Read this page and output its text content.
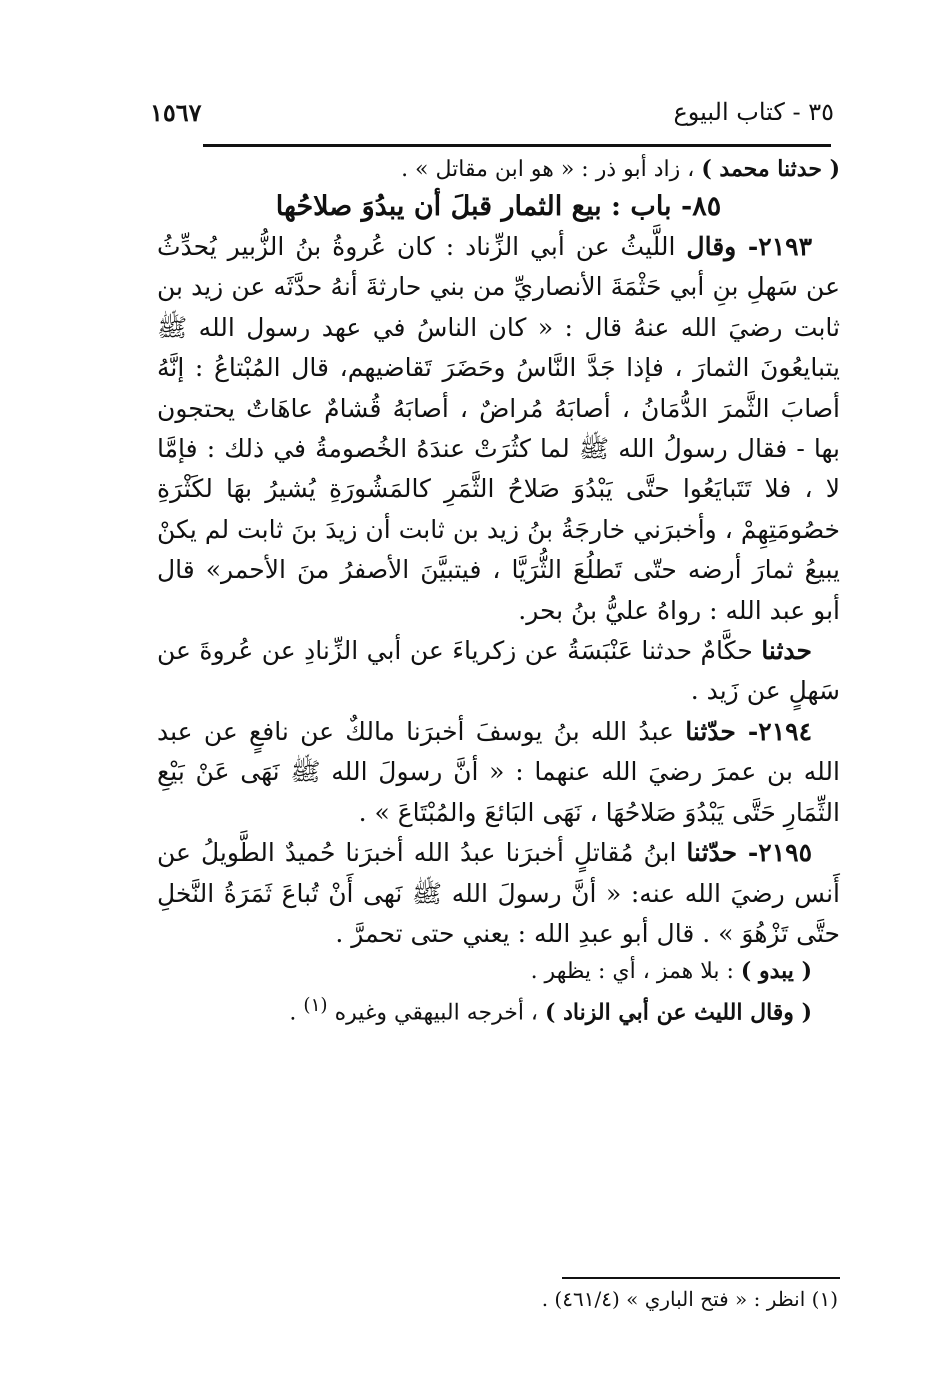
٣٥ - كتاب البيوع
١٥٦٧

( حدثنا محمد ) ، زاد أبو ذر : « هو ابن مقاتل » .

٨٥- باب : بيع الثمار قبلَ أن يبدُوَ صلاحُها

٢١٩٣- وقال اللَّيثُ عن أبي الزِّناد : كان عُروةُ بنُ الزُّبير يُحدِّثُ عن سَهلِ بنِ أبي حَثْمَةَ الأنصاريِّ من بني حارثةَ أنهُ حدَّثَه عن زيد بن ثابت رضيَ الله عنهُ قال : « كان الناسُ في عهد رسول الله ﷺ يتبايعُونَ الثمارَ ، فإذا جَدَّ النَّاسُ وحَضَرَ تَقاضيهم، قال المُبْتاعُ : إنَّهُ أصابَ الثَّمرَ الدُّمَانُ ، أصابَهُ مُراضٌ ، أصابَهُ قُشامٌ عاهَاتٌ يحتجون بها - فقال رسولُ الله ﷺ لما كثُرَتْ عندَهُ الخُصومةُ في ذلك : فإمَّا لا ، فلا تَتَبايَعُوا حتَّى يَبْدُوَ صَلاحُ الثَّمَرِ كالمَشُورَةِ يُشيرُ بهَا لكَثْرَةِ خصُومَتِهِمْ ، وأخبرَني خارجَةُ بنُ زيد بن ثابت أن زيدَ بنَ ثابت لم يكنْ يبيعُ ثمارَ أرضه حتّى تَطلُعَ الثُّرَيَّا ، فيتبيَّنَ الأصفرُ منَ الأحمر» قال أبو عبد الله : رواهُ عليُّ بنُ بحر.

حدثنا حكَّامٌ حدثنا عَنْبَسَةُ عن زكرياءَ عن أبي الزِّنادِ عن عُروةَ عن سَهلٍ عن زَيد .

٢١٩٤- حدّثنا عبدُ الله بنُ يوسفَ أخبرَنا مالكٌ عن نافعٍ عن عبد الله بن عمرَ رضيَ الله عنهما : « أنَّ رسولَ الله ﷺ نَهَى عَنْ بَيْعِ الثِّمَارِ حَتَّى يَبْدُوَ صَلاحُهَا ، نَهَى البَائعَ والمُبْتَاعَ » .

٢١٩٥- حدّثنا ابنُ مُقاتلٍ أخبرَنا عبدُ الله أخبرَنا حُميدٌ الطَّويلُ عن أَنس رضيَ الله عنه: « أنَّ رسولَ الله ﷺ نَهى أَنْ تُباعَ ثَمَرَةُ النَّخلِ حتَّى تَزْهُوَ » . قال أبو عبدِ الله : يعني حتى تحمرَّ .

( يبدو ) : بلا همز ، أي : يظهر .

( وقال الليث عن أبي الزناد ) ، أخرجه البيهقي وغيره $^{(١)}$ .

(١) انظر : « فتح الباري » (٤٦١/٤) .
